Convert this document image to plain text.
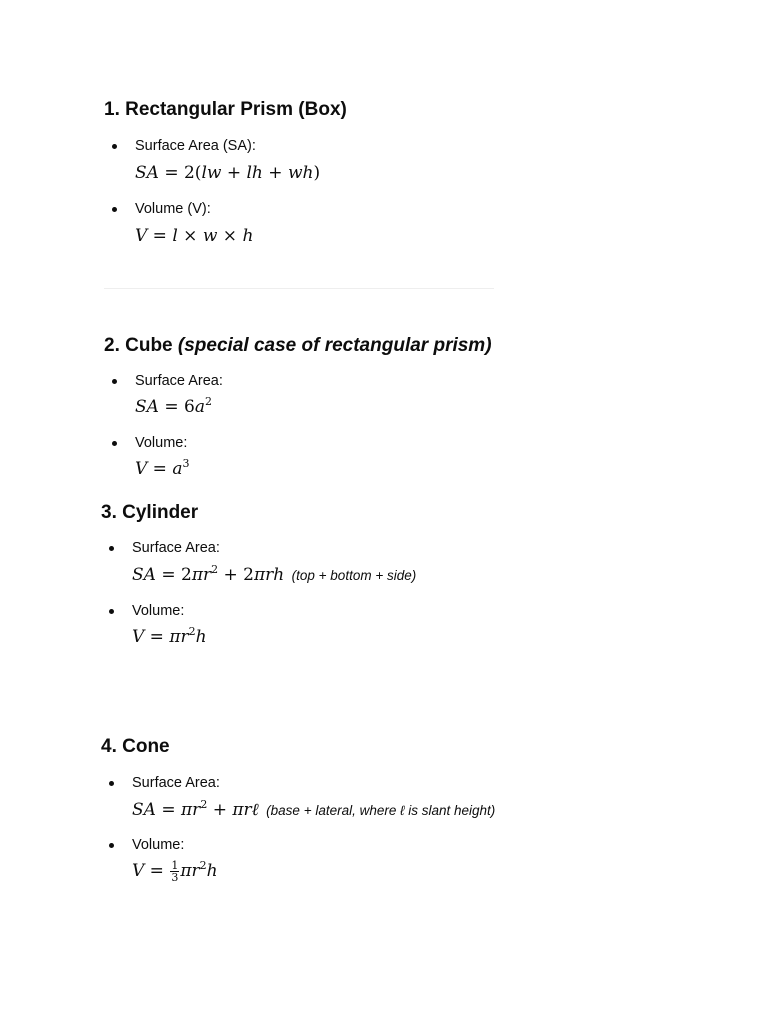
1. Rectangular Prism (Box)
Surface Area (SA):
SA = 2(lw + lh + wh)
Volume (V):
V = l × w × h
2. Cube (special case of rectangular prism)
Surface Area:
SA = $6a^2$
Volume:
$V = a^3$
3. Cylinder
Surface Area:
SA = $2\pi r^2 + 2\pi rh$ (top + bottom + side)
Volume:
$V = \pi r^2h$
4. Cone
Surface Area:
SA = $\pi r^2$ + πrℓ (base + lateral, where ℓ is slant height)
Volume:
$V = \frac{1}{3} \pi r^2h$
